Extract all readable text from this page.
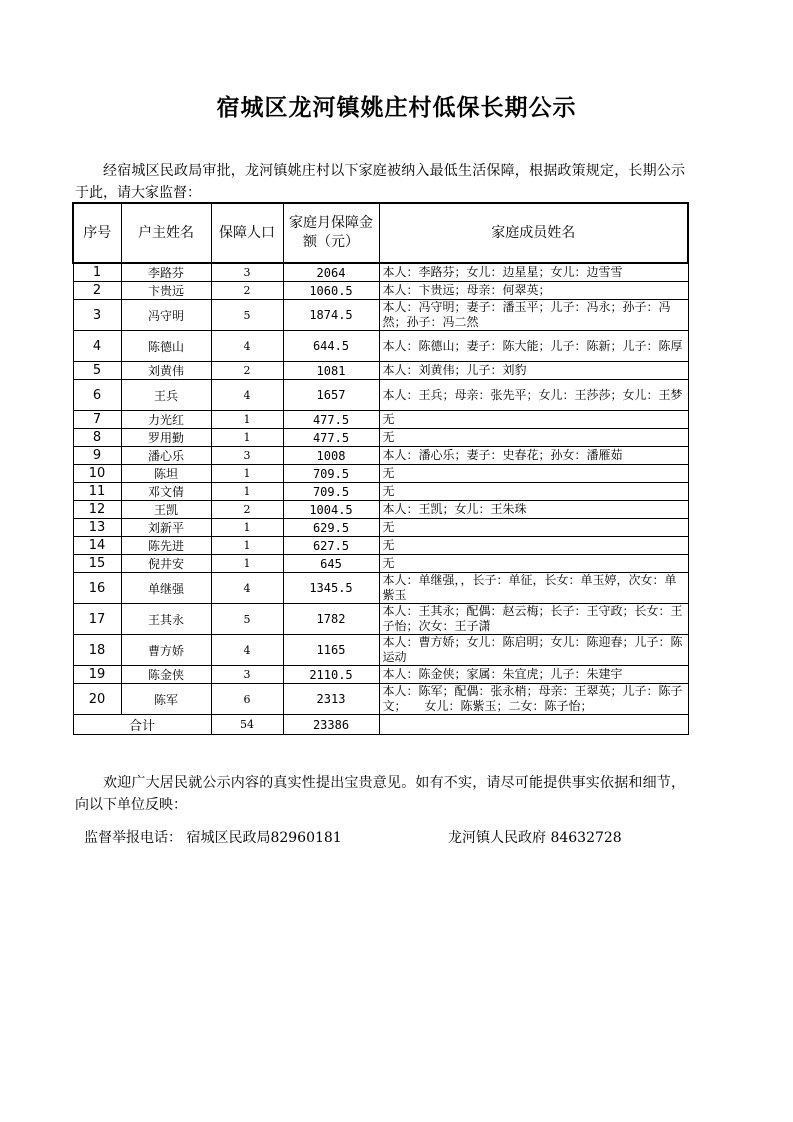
宿城区龙河镇姚庄村低保长期公示
经宿城区民政局审批，龙河镇姚庄村以下家庭被纳入最低生活保障，根据政策规定，长期公示于此，请大家监督：
序号	户主姓名	保障人口	家庭月保障金额（元）	家庭成员姓名
1	李路芬	3	2064	本人：李路芬；女儿：边星星；女儿：边雪雪
2	卞贵远	2	1060.5	本人：卞贵远；母亲：何翠英；
3	冯守明	5	1874.5	本人：冯守明；妻子：潘玉平；儿子：冯永；孙子：冯然；孙子：冯二然
4	陈德山	4	644.5	本人：陈德山；妻子：陈大能；儿子：陈新；儿子：陈厚
5	刘黄伟	2	1081	本人：刘黄伟；儿子：刘豹
6	王兵	4	1657	本人：王兵；母亲：张先平；女儿：王莎莎；女儿：王梦
7	力光红	1	477.5	无
8	罗用勤	1	477.5	无
9	潘心乐	3	1008	本人：潘心乐；妻子：史春花；孙女：潘雁茹
10	陈坦	1	709.5	无
11	邓文倩	1	709.5	无
12	王凯	2	1004.5	本人：王凯；女儿：王朱珠
13	刘新平	1	629.5	无
14	陈先进	1	627.5	无
15	倪井安	1	645	无
16	单继强	4	1345.5	本人：单继强，，长子：单征，长女：单玉婷，次女：单紫玉
17	王其永	5	1782	本人：王其永；配偶：赵云梅；长子：王守政；长女：王子怡；次女：王子潇
18	曹方娇	4	1165	本人：曹方娇；女儿：陈启明；女儿：陈迎春；儿子：陈运动
19	陈金侠	3	2110.5	本人：陈金侠；家属：朱宜虎；儿子：朱建宇
20	陈军	6	2313	本人：陈军；配偶：张永梢；母亲：王翠英；儿子：陈子文；　　女儿：陈紫玉；二女：陈子怡；
合计		54	23386	
欢迎广大居民就公示内容的真实性提出宝贵意见。如有不实，请尽可能提供事实依据和细节，向以下单位反映：
监督举报电话： 宿城区民政局82960181	龙河镇人民政府 84632728
